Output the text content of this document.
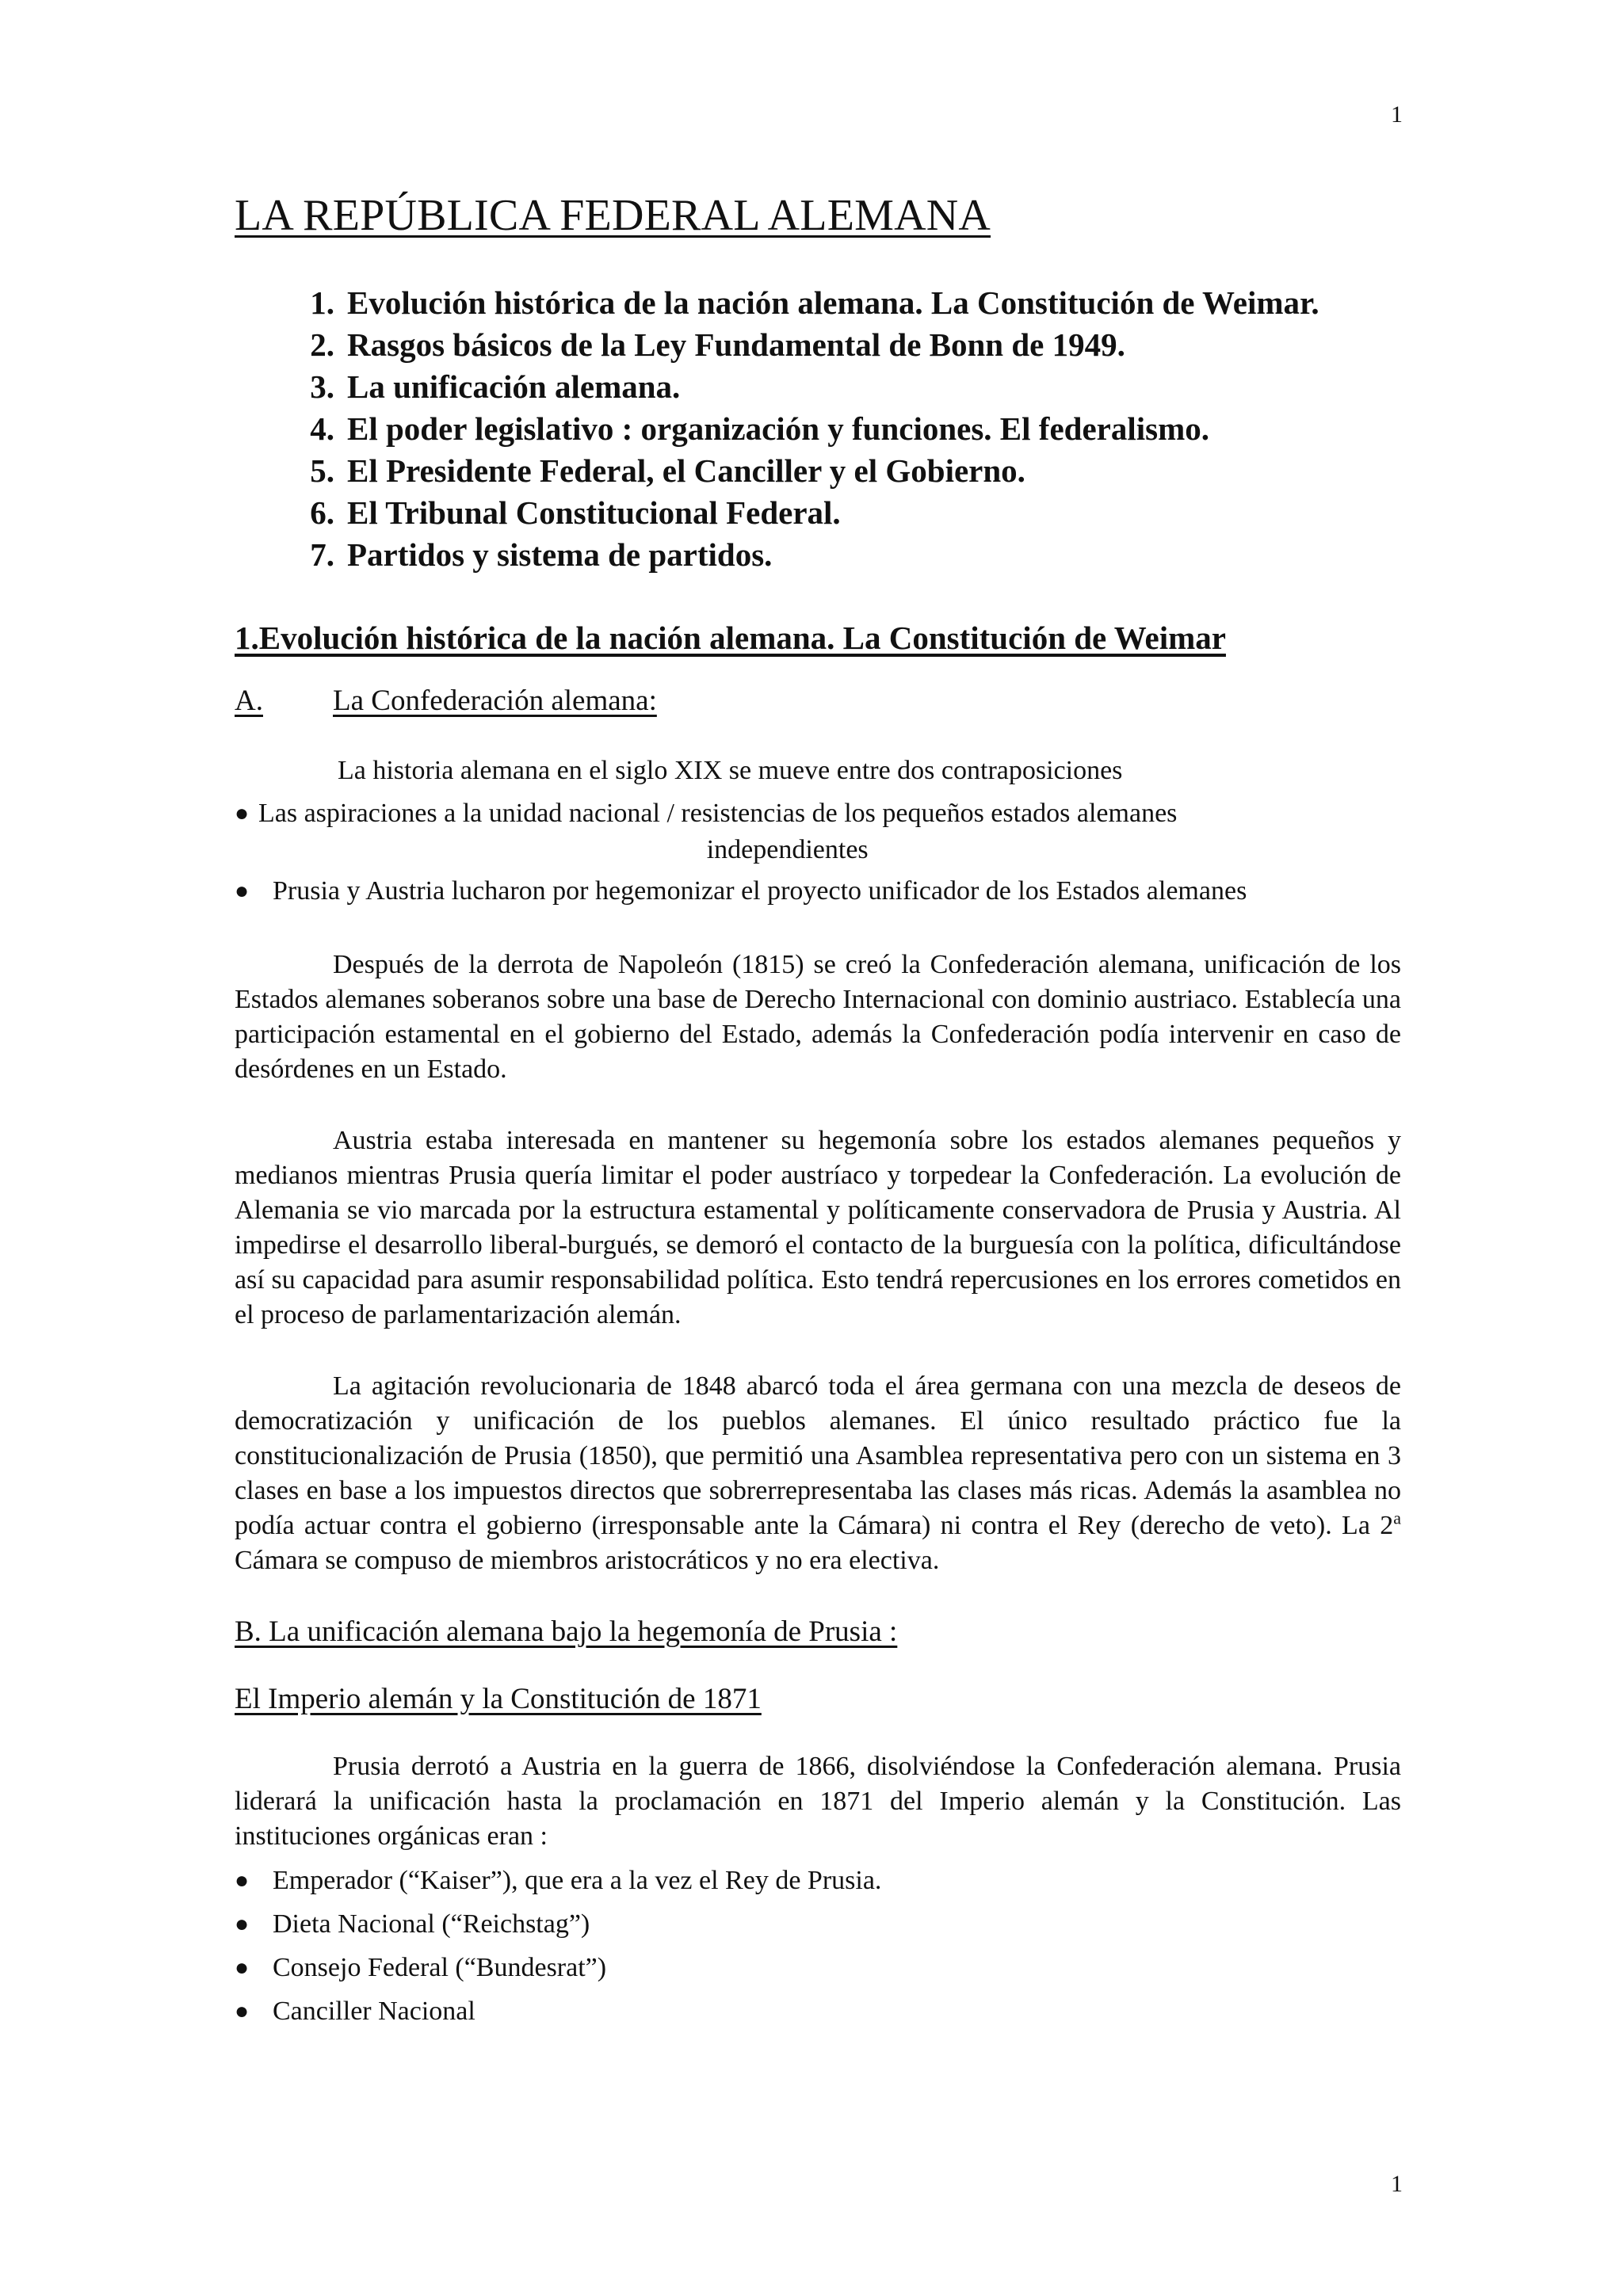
1
LA REPÚBLICA FEDERAL ALEMANA
1. Evolución histórica de la nación alemana. La Constitución de Weimar.
2. Rasgos básicos de la Ley Fundamental de Bonn de 1949.
3. La unificación alemana.
4. El poder legislativo : organización y funciones. El federalismo.
5. El Presidente Federal, el Canciller y el Gobierno.
6. El Tribunal Constitucional Federal.
7. Partidos y sistema de partidos.
1.Evolución histórica de la nación alemana. La Constitución de Weimar
A.	La Confederación alemana:

La historia alemana en el siglo XIX se mueve entre dos contraposiciones

● Las aspiraciones a la unidad nacional / resistencias de los pequeños estados alemanes
independientes
● Prusia y Austria lucharon por hegemonizar el proyecto unificador de los Estados alemanes

Después de la derrota de Napoleón (1815) se creó la Confederación alemana, unificación de los Estados alemanes soberanos sobre una base de Derecho Internacional con dominio austriaco. Establecía una participación estamental en el gobierno del Estado, además la Confederación podía intervenir en caso de desórdenes en un Estado.

Austria estaba interesada en mantener su hegemonía sobre los estados alemanes pequeños y medianos mientras Prusia quería limitar el poder austríaco y torpedear la Confederación. La evolución de Alemania se vio marcada por la estructura estamental y políticamente conservadora de Prusia y Austria. Al impedirse el desarrollo liberal-burgués, se demoró el contacto de la burguesía con la política, dificultándose así su capacidad para asumir responsabilidad política. Esto tendrá repercusiones en los errores cometidos en el proceso de parlamentarización alemán.

La agitación revolucionaria de 1848 abarcó toda el área germana con una mezcla de deseos de democratización y unificación de los pueblos alemanes. El único resultado práctico fue la constitucionalización de Prusia (1850), que permitió una Asamblea representativa pero con un sistema en 3 clases en base a los impuestos directos que sobrerrepresentaba las clases más ricas. Además la asamblea no podía actuar contra el gobierno (irresponsable ante la Cámara) ni contra el Rey (derecho de veto). La 2$^a$ Cámara se compuso de miembros aristocráticos y no era electiva.

B. La unificación alemana bajo la hegemonía de Prusia :
El Imperio alemán y la Constitución de 1871

Prusia derrotó a Austria en la guerra de 1866, disolviéndose la Confederación alemana. Prusia liderará la unificación hasta la proclamación en 1871 del Imperio alemán y la Constitución. Las instituciones orgánicas eran :

● Emperador (“Kaiser”), que era a la vez el Rey de Prusia.
● Dieta Nacional (“Reichstag”)
● Consejo Federal (“Bundesrat”)
● Canciller Nacional
1
